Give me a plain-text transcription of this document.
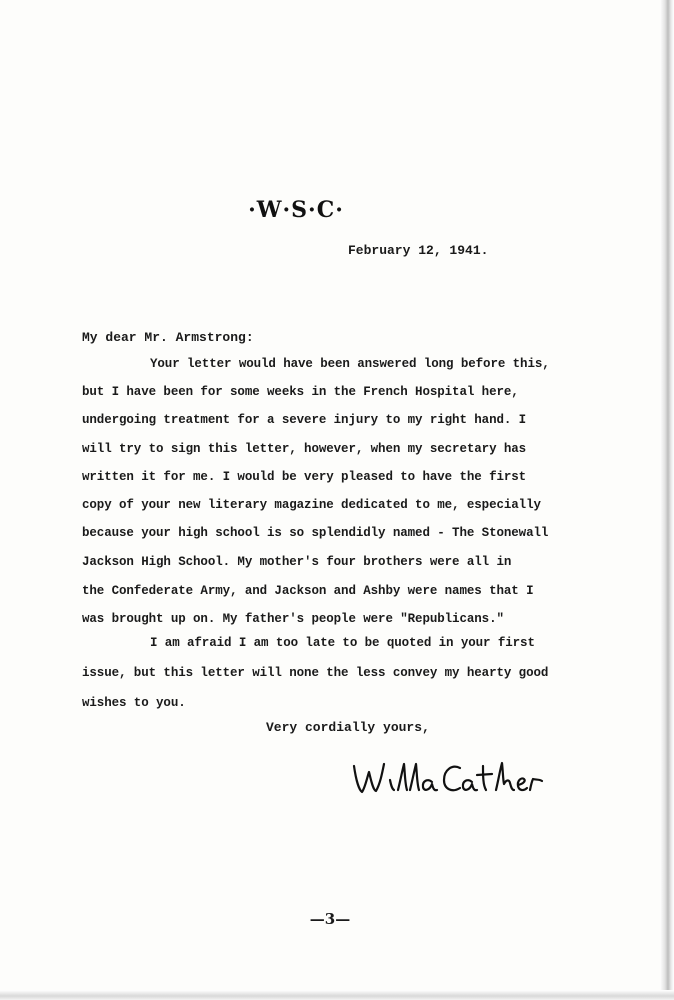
·W·S·C·
February 12, 1941.
My dear Mr. Armstrong:
Your letter would have been answered long before this,
but I have been for some weeks in the French Hospital here,
undergoing treatment for a severe injury to my right hand. I
will try to sign this letter, however, when my secretary has
written it for me. I would be very pleased to have the first
copy of your new literary magazine dedicated to me, especially
because your high school is so splendidly named - The Stonewall
Jackson High School. My mother's four brothers were all in
the Confederate Army, and Jackson and Ashby were names that I
was brought up on. My father's people were "Republicans."
I am afraid I am too late to be quoted in your first
issue, but this letter will none the less convey my hearty good
wishes to you.
Very cordially yours,
Willa Cather
—3—
